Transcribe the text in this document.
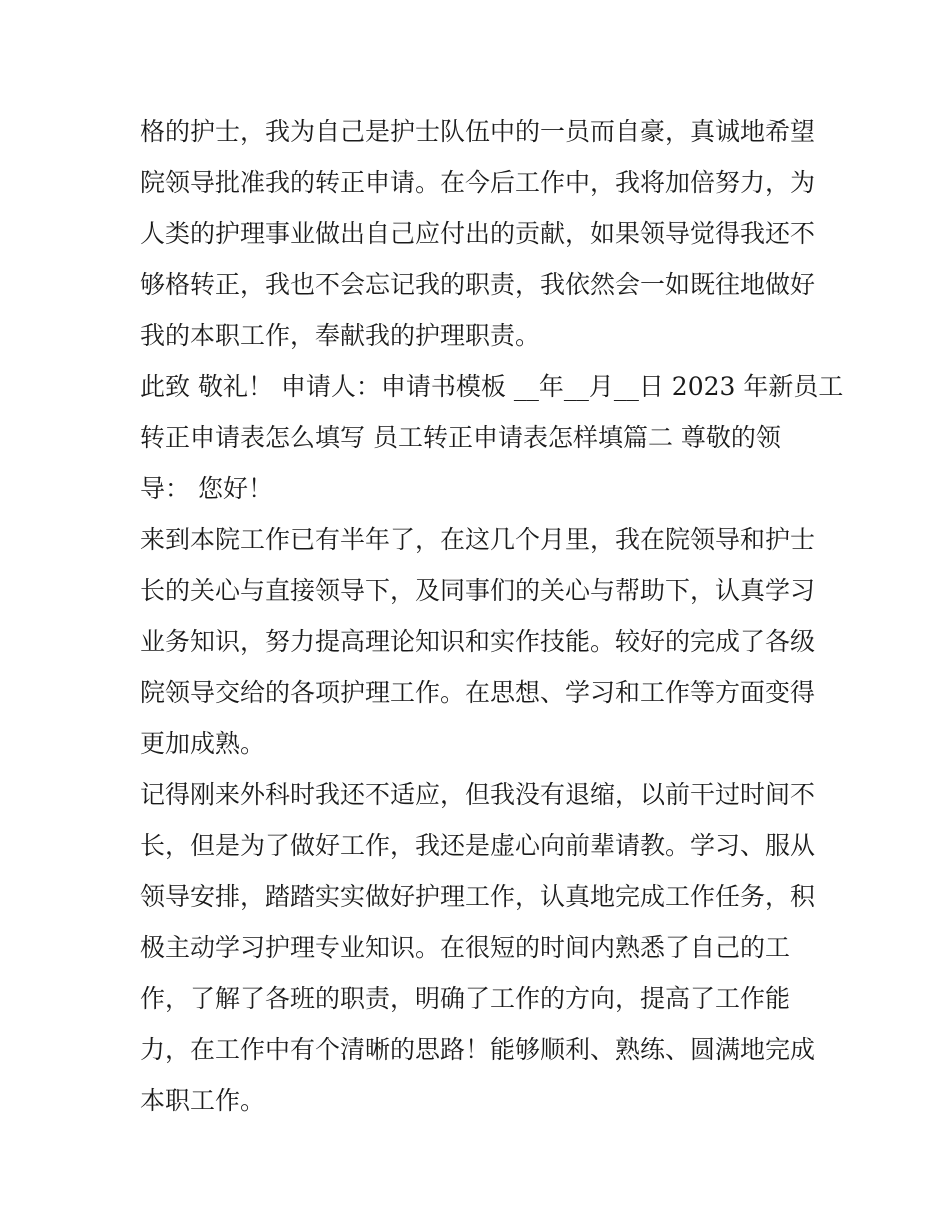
格的护士，我为自己是护士队伍中的一员而自豪，真诚地希望
院领导批准我的转正申请。在今后工作中，我将加倍努力，为
人类的护理事业做出自己应付出的贡献，如果领导觉得我还不
够格转正，我也不会忘记我的职责，我依然会一如既往地做好
我的本职工作，奉献我的护理职责。

此致 敬礼！ 申请人：申请书模板 __年__月__日 2023 年新员工
转正申请表怎么填写 员工转正申请表怎样填篇二 尊敬的领
导： 您好！

来到本院工作已有半年了，在这几个月里，我在院领导和护士
长的关心与直接领导下，及同事们的关心与帮助下，认真学习
业务知识，努力提高理论知识和实作技能。较好的完成了各级
院领导交给的各项护理工作。在思想、学习和工作等方面变得
更加成熟。

记得刚来外科时我还不适应，但我没有退缩，以前干过时间不
长，但是为了做好工作，我还是虚心向前辈请教。学习、服从
领导安排，踏踏实实做好护理工作，认真地完成工作任务，积
极主动学习护理专业知识。在很短的时间内熟悉了自己的工
作，了解了各班的职责，明确了工作的方向，提高了工作能
力，在工作中有个清晰的思路！能够顺利、熟练、圆满地完成
本职工作。
